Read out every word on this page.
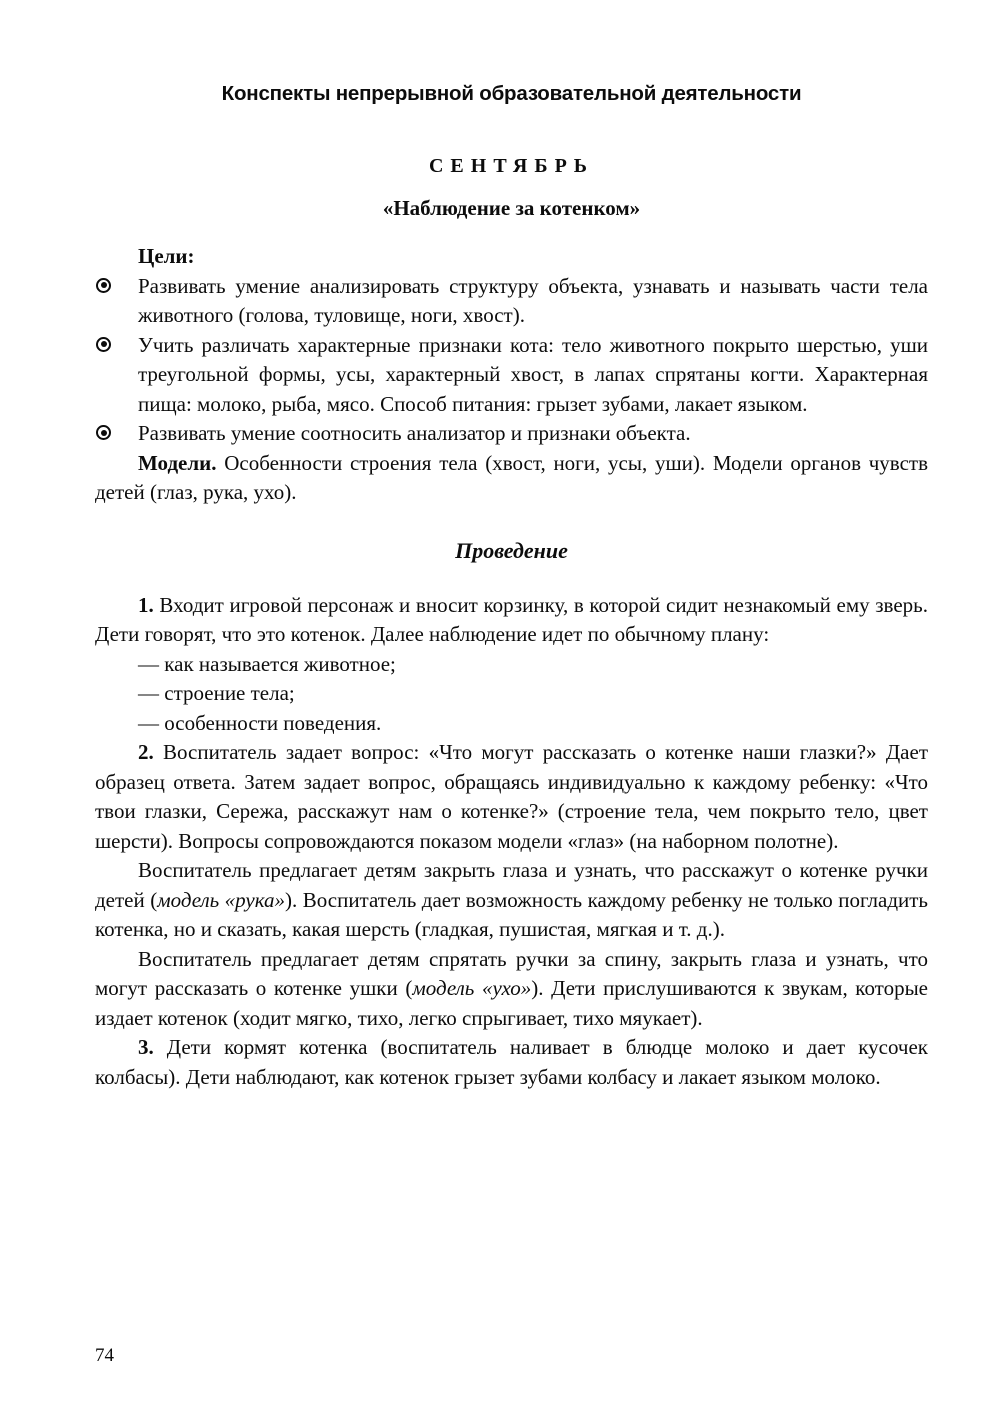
Конспекты непрерывной образовательной деятельности
СЕНТЯБРЬ
«Наблюдение за котенком»
Цели:
Развивать умение анализировать структуру объекта, узнавать и называть части тела животного (голова, туловище, ноги, хвост).
Учить различать характерные признаки кота: тело животного покрыто шерстью, уши треугольной формы, усы, характерный хвост, в лапах спрятаны когти. Характерная пища: молоко, рыба, мясо. Способ питания: грызет зубами, лакает языком.
Развивать умение соотносить анализатор и признаки объекта.

Модели. Особенности строения тела (хвост, ноги, усы, уши). Модели органов чувств детей (глаз, рука, ухо).

Проведение

1. Входит игровой персонаж и вносит корзинку, в которой сидит незнакомый ему зверь. Дети говорят, что это котенок. Далее наблюдение идет по обычному плану:

— как называется животное;
— строение тела;
— особенности поведения.

2. Воспитатель задает вопрос: «Что могут рассказать о котенке наши глазки?» Дает образец ответа. Затем задает вопрос, обращаясь индивидуально к каждому ребенку: «Что твои глазки, Сережа, расскажут нам о котенке?» (строение тела, чем покрыто тело, цвет шерсти). Вопросы сопровождаются показом модели «глаз» (на наборном полотне).

Воспитатель предлагает детям закрыть глаза и узнать, что расскажут о котенке ручки детей (модель «рука»). Воспитатель дает возможность каждому ребенку не только погладить котенка, но и сказать, какая шерсть (гладкая, пушистая, мягкая и т. д.).

Воспитатель предлагает детям спрятать ручки за спину, закрыть глаза и узнать, что могут рассказать о котенке ушки (модель «ухо»). Дети прислушиваются к звукам, которые издает котенок (ходит мягко, тихо, легко спрыгивает, тихо мяукает).

3. Дети кормят котенка (воспитатель наливает в блюдце молоко и дает кусочек колбасы). Дети наблюдают, как котенок грызет зубами колбасу и лакает языком молоко.

74
